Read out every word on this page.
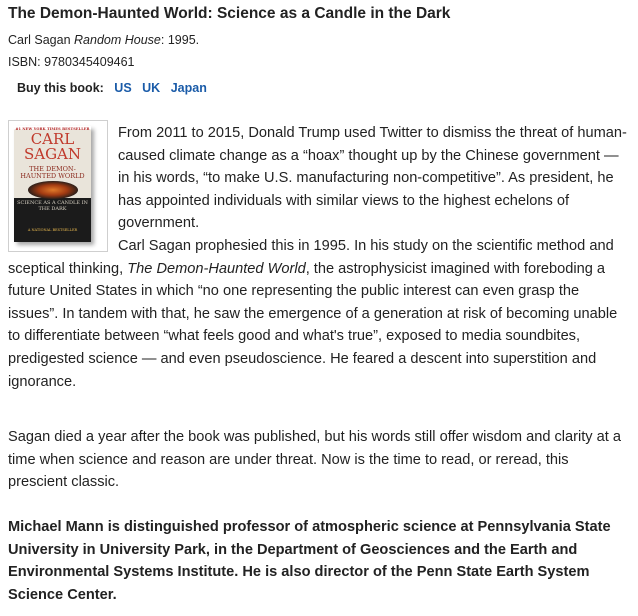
The Demon-Haunted World: Science as a Candle in the Dark
Carl Sagan Random House: 1995.
ISBN: 9780345409461
Buy this book: US UK Japan
#1 NEW YORK TIMES BESTSELLER
CARL
SAGAN
THE DEMON-HAUNTED WORLD
SCIENCE AS A CANDLE IN THE DARK
A NATIONAL BESTSELLER

From 2011 to 2015, Donald Trump used Twitter to dismiss the threat of human-caused climate change as a “hoax” thought up by the Chinese government — in his words, “to make U.S. manufacturing non-competitive”. As president, he has appointed individuals with similar views to the highest echelons of government.

Carl Sagan prophesied this in 1995. In his study on the scientific method and sceptical thinking, The Demon-Haunted World, the astrophysicist imagined with foreboding a future United States in which “no one representing the public interest can even grasp the issues”. In tandem with that, he saw the emergence of a generation at risk of becoming unable to differentiate between “what feels good and what's true”, exposed to media soundbites, predigested science — and even pseudoscience. He feared a descent into superstition and ignorance.

Sagan died a year after the book was published, but his words still offer wisdom and clarity at a time when science and reason are under threat. Now is the time to read, or reread, this prescient classic.

Michael Mann is distinguished professor of atmospheric science at Pennsylvania State University in University Park, in the Department of Geosciences and the Earth and Environmental Systems Institute. He is also director of the Penn State Earth System Science Center.
